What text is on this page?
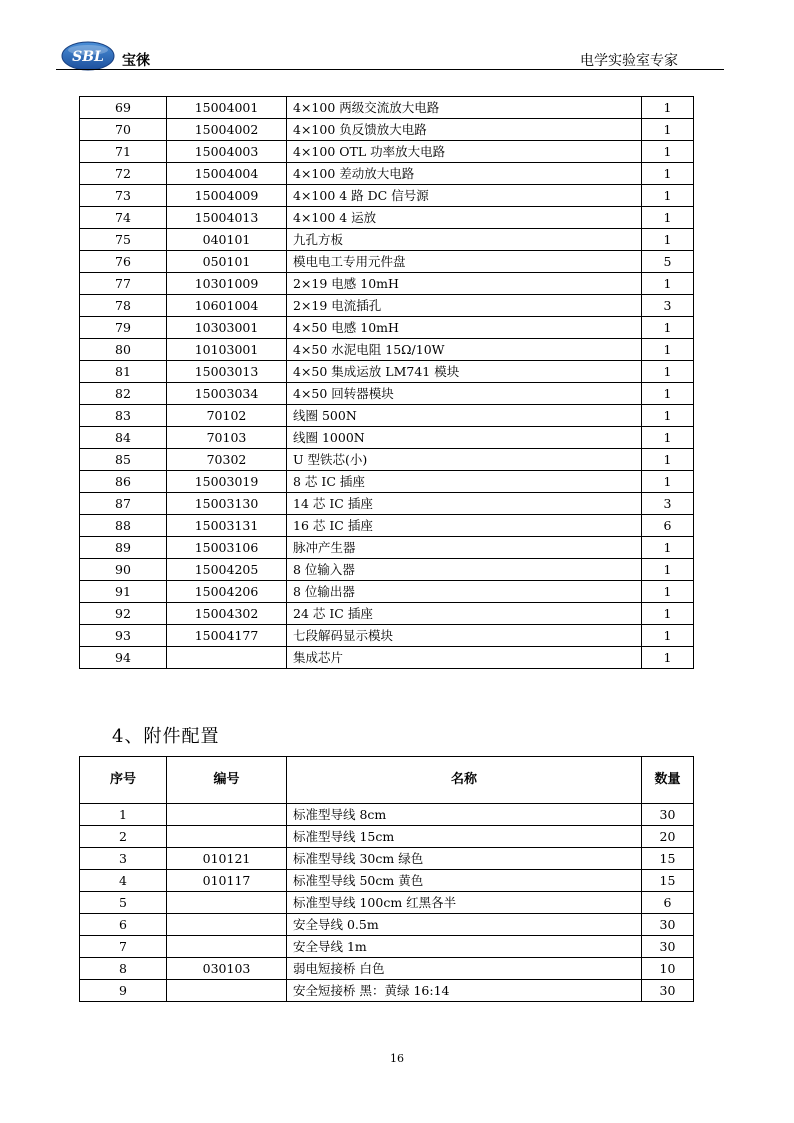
SBL 宝徕	电学实验室专家
69	15004001	4×100 两级交流放大电路	1
70	15004002	4×100 负反馈放大电路	1
71	15004003	4×100 OTL 功率放大电路	1
72	15004004	4×100 差动放大电路	1
73	15004009	4×100 4 路 DC 信号源	1
74	15004013	4×100 4 运放	1
75	040101	九孔方板	1
76	050101	模电电工专用元件盘	5
77	10301009	2×19 电感 10mH	1
78	10601004	2×19 电流插孔	3
79	10303001	4×50 电感 10mH	1
80	10103001	4×50 水泥电阻 15Ω/10W	1
81	15003013	4×50 集成运放 LM741 模块	1
82	15003034	4×50 回转器模块	1
83	70102	线圈 500N	1
84	70103	线圈 1000N	1
85	70302	U 型铁芯(小)	1
86	15003019	8 芯 IC 插座	1
87	15003130	14 芯 IC 插座	3
88	15003131	16 芯 IC 插座	6
89	15003106	脉冲产生器	1
90	15004205	8 位输入器	1
91	15004206	8 位输出器	1
92	15004302	24 芯 IC 插座	1
93	15004177	七段解码显示模块	1
94		集成芯片	1
4、附件配置
序号	编号	名称	数量
1		标准型导线 8cm	30
2		标准型导线 15cm	20
3	010121	标准型导线 30cm 绿色	15
4	010117	标准型导线 50cm 黄色	15
5		标准型导线 100cm 红黑各半	6
6		安全导线 0.5m	30
7		安全导线 1m	30
8	030103	弱电短接桥 白色	10
9		安全短接桥 黑：黄绿 16:14	30
16
